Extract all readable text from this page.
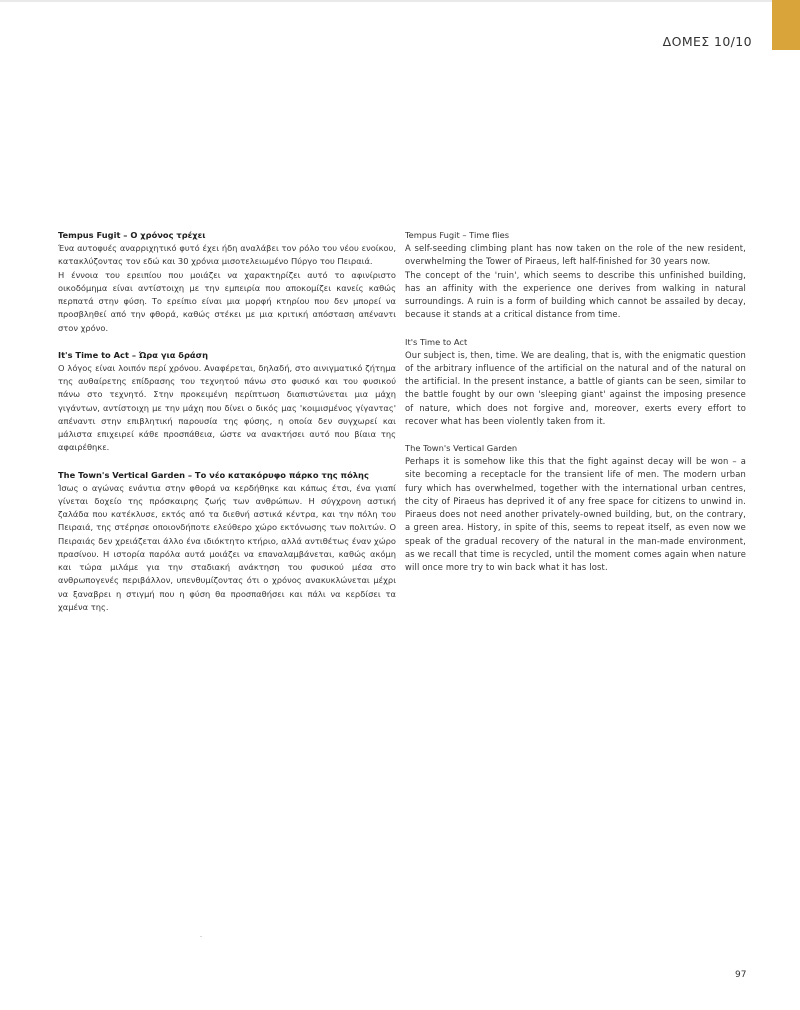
ΔΟΜΕΣ 10/10
Tempus Fugit – Ο χρόνος τρέχει

Ένα αυτοφυές αναρριχητικό φυτό έχει ήδη αναλάβει τον ρόλο του νέου ενοίκου, κατακλύζοντας τον εδώ και 30 χρόνια μισοτελειωμένο Πύργο του Πειραιά.

Η έννοια του ερειπίου που μοιάζει να χαρακτηρίζει αυτό το αφινίριστο οικοδόμημα είναι αντίστοιχη με την εμπειρία που αποκομίζει κανείς καθώς περπατά στην φύση. Το ερείπιο είναι μια μορφή κτηρίου που δεν μπορεί να προσβληθεί από την φθορά, καθώς στέκει με μια κριτική απόσταση απέναντι στον χρόνο.

It's Time to Act – Ώρα για δράση

Ο λόγος είναι λοιπόν περί χρόνου. Αναφέρεται, δηλαδή, στο αινιγματικό ζήτημα της αυθαίρετης επίδρασης του τεχνητού πάνω στο φυσικό και του φυσικού πάνω στο τεχνητό. Στην προκειμένη περίπτωση διαπιστώνεται μια μάχη γιγάντων, αντίστοιχη με την μάχη που δίνει ο δικός μας 'κοιμισμένος γίγαντας' απέναντι στην επιβλητική παρουσία της φύσης, η οποία δεν συγχωρεί και μάλιστα επιχειρεί κάθε προσπάθεια, ώστε να ανακτήσει αυτό που βίαια της αφαιρέθηκε.

The Town's Vertical Garden – Το νέο κατακόρυφο πάρκο της πόλης

Ίσως ο αγώνας ενάντια στην φθορά να κερδήθηκε και κάπως έτσι, ένα γιαπί γίνεται δοχείο της πρόσκαιρης ζωής των ανθρώπων. Η σύγχρονη αστική ζαλάδα που κατέκλυσε, εκτός από τα διεθνή αστικά κέντρα, και την πόλη του Πειραιά, της στέρησε οποιονδήποτε ελεύθερο χώρο εκτόνωσης των πολιτών. Ο Πειραιάς δεν χρειάζεται άλλο ένα ιδιόκτητο κτήριο, αλλά αντιθέτως έναν χώρο πρασίνου. Η ιστορία παρόλα αυτά μοιάζει να επαναλαμβάνεται, καθώς ακόμη και τώρα μιλάμε για την σταδιακή ανάκτηση του φυσικού μέσα στο ανθρωπογενές περιβάλλον, υπενθυμίζοντας ότι ο χρόνος ανακυκλώνεται μέχρι να ξαναβρει η στιγμή που η φύση θα προσπαθήσει και πάλι να κερδίσει τα χαμένα της.

Tempus Fugit – Time flies

A self-seeding climbing plant has now taken on the role of the new resident, overwhelming the Tower of Piraeus, left half-finished for 30 years now.

The concept of the 'ruin', which seems to describe this unfinished building, has an affinity with the experience one derives from walking in natural surroundings. A ruin is a form of building which cannot be assailed by decay, because it stands at a critical distance from time.

It's Time to Act

Our subject is, then, time. We are dealing, that is, with the enigmatic question of the arbitrary influence of the artificial on the natural and of the natural on the artificial. In the present instance, a battle of giants can be seen, similar to the battle fought by our own 'sleeping giant' against the imposing presence of nature, which does not forgive and, moreover, exerts every effort to recover what has been violently taken from it.

The Town's Vertical Garden

Perhaps it is somehow like this that the fight against decay will be won – a site becoming a receptacle for the transient life of men. The modern urban fury which has overwhelmed, together with the international urban centres, the city of Piraeus has deprived it of any free space for citizens to unwind in. Piraeus does not need another privately-owned building, but, on the contrary, a green area. History, in spite of this, seems to repeat itself, as even now we speak of the gradual recovery of the natural in the man-made environment, as we recall that time is recycled, until the moment comes again when nature will once more try to win back what it has lost.

97
